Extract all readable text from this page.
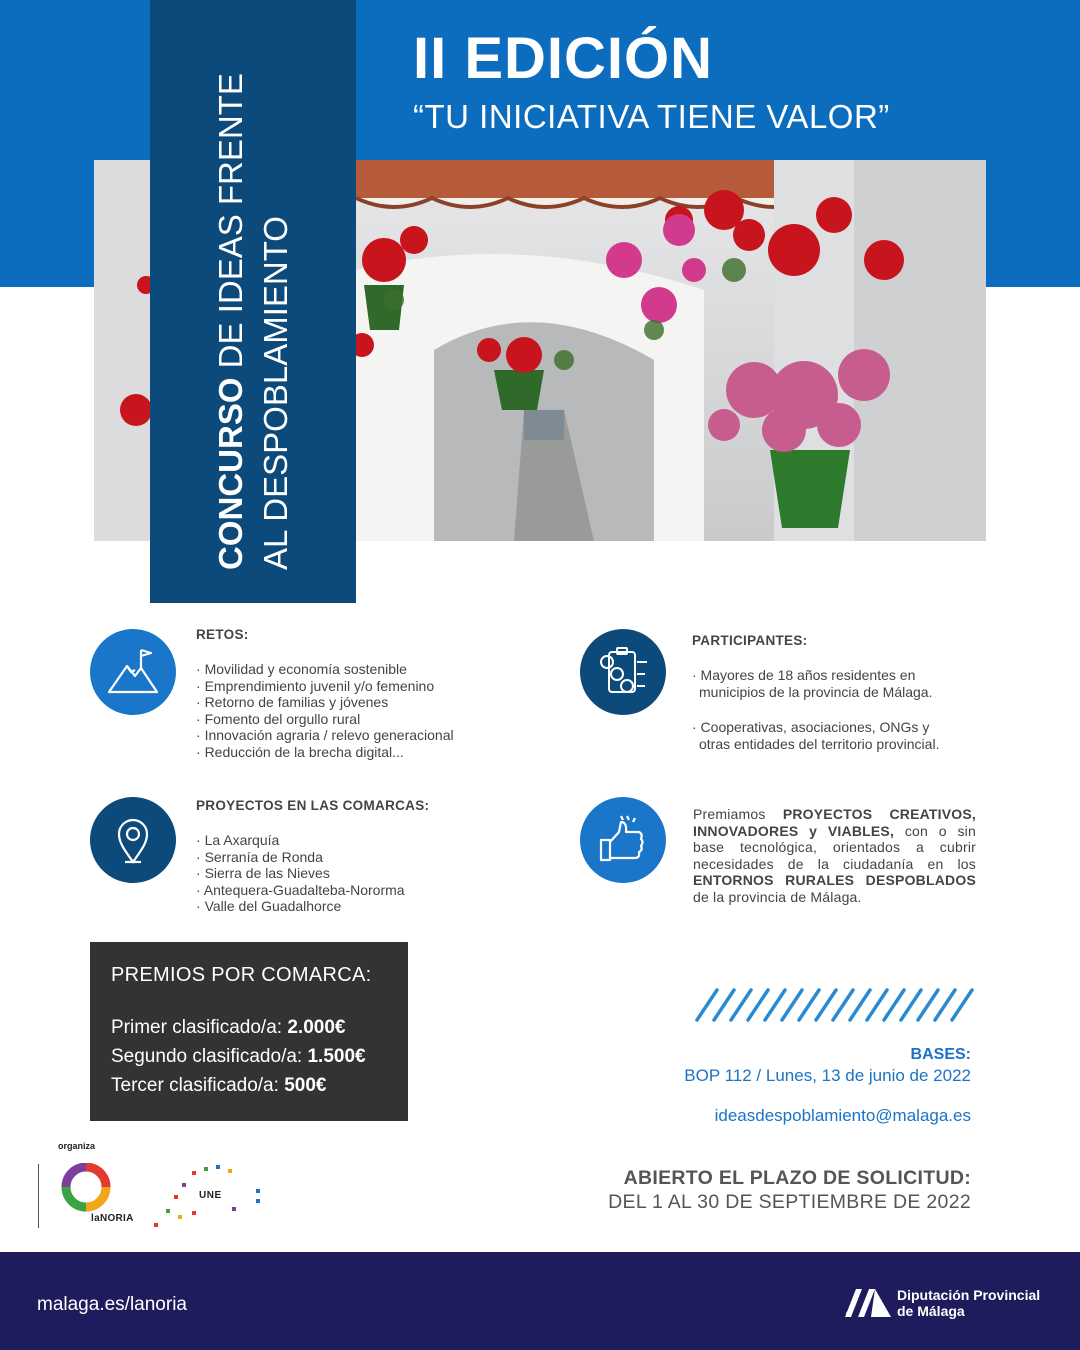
CONCURSO DE IDEAS FRENTE AL DESPOBLAMIENTO
II EDICIÓN
“TU INICIATIVA TIENE VALOR”
RETOS:
· Movilidad y economía sostenible
· Emprendimiento juvenil y/o femenino
· Retorno de familias y jóvenes
· Fomento del orgullo rural
· Innovación agraria / relevo generacional
· Reducción de la brecha digital...
PARTICIPANTES:
· Mayores de 18 años residentes en
municipios de la provincia de Málaga.
· Cooperativas, asociaciones, ONGs y
otras entidades del territorio provincial.
PROYECTOS EN LAS COMARCAS:
· La Axarquía
· Serranía de Ronda
· Sierra de las Nieves
· Antequera-Guadalteba-Nororma
· Valle del Guadalhorce
Premiamos PROYECTOS CREATIVOS, INNOVADORES y VIABLES, con o sin base tecnológica, orientados a cubrir necesidades de la ciudadanía en los ENTORNOS RURALES DESPOBLADOS de la provincia de Málaga.
PREMIOS POR COMARCA:
Primer clasificado/a: 2.000€
Segundo clasificado/a: 1.500€
Tercer clasificado/a: 500€
BASES:
BOP 112 / Lunes, 13 de junio de 2022
ideasdespoblamiento@malaga.es
ABIERTO EL PLAZO DE SOLICITUD:
DEL 1 AL 30 DE SEPTIEMBRE DE 2022
organiza
laNORIA
UNE
malaga.es/lanoria	Diputación Provincial
de Málaga
